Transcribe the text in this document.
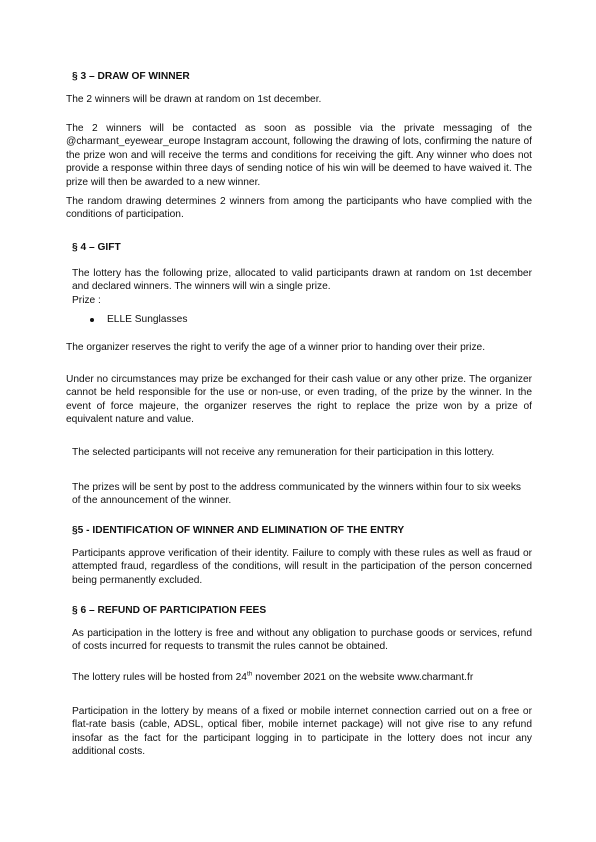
§ 3 – DRAW OF WINNER
The 2 winners will be drawn at random on 1st december.
The 2 winners will be contacted as soon as possible via the private messaging of the @charmant_eyewear_europe Instagram account, following the drawing of lots, confirming the nature of the prize won and will receive the terms and conditions for receiving the gift. Any winner who does not provide a response within three days of sending notice of his win will be deemed to have waived it. The prize will then be awarded to a new winner.
The random drawing determines 2 winners from among the participants who have complied with the conditions of participation.
§ 4 – GIFT
The lottery has the following prize, allocated to valid participants drawn at random on 1st december and declared winners. The winners will win a single prize.
Prize :
ELLE Sunglasses
The organizer reserves the right to verify the age of a winner prior to handing over their prize.
Under no circumstances may prize be exchanged for their cash value or any other prize. The organizer cannot be held responsible for the use or non-use, or even trading, of the prize by the winner. In the event of force majeure, the organizer reserves the right to replace the prize won by a prize of equivalent nature and value.
The selected participants will not receive any remuneration for their participation in this lottery.
The prizes will be sent by post to the address communicated by the winners within four to six weeks of the announcement of the winner.
§5 - IDENTIFICATION OF WINNER AND ELIMINATION OF THE ENTRY
Participants approve verification of their identity. Failure to comply with these rules as well as fraud or attempted fraud, regardless of the conditions, will result in the participation of the person concerned being permanently excluded.
§ 6 – REFUND OF PARTICIPATION FEES
As participation in the lottery is free and without any obligation to purchase goods or services, refund of costs incurred for requests to transmit the rules cannot be obtained.
The lottery rules will be hosted from 24th november 2021 on the website www.charmant.fr
Participation in the lottery by means of a fixed or mobile internet connection carried out on a free or flat-rate basis (cable, ADSL, optical fiber, mobile internet package) will not give rise to any refund insofar as the fact for the participant logging in to participate in the lottery does not incur any additional costs.
